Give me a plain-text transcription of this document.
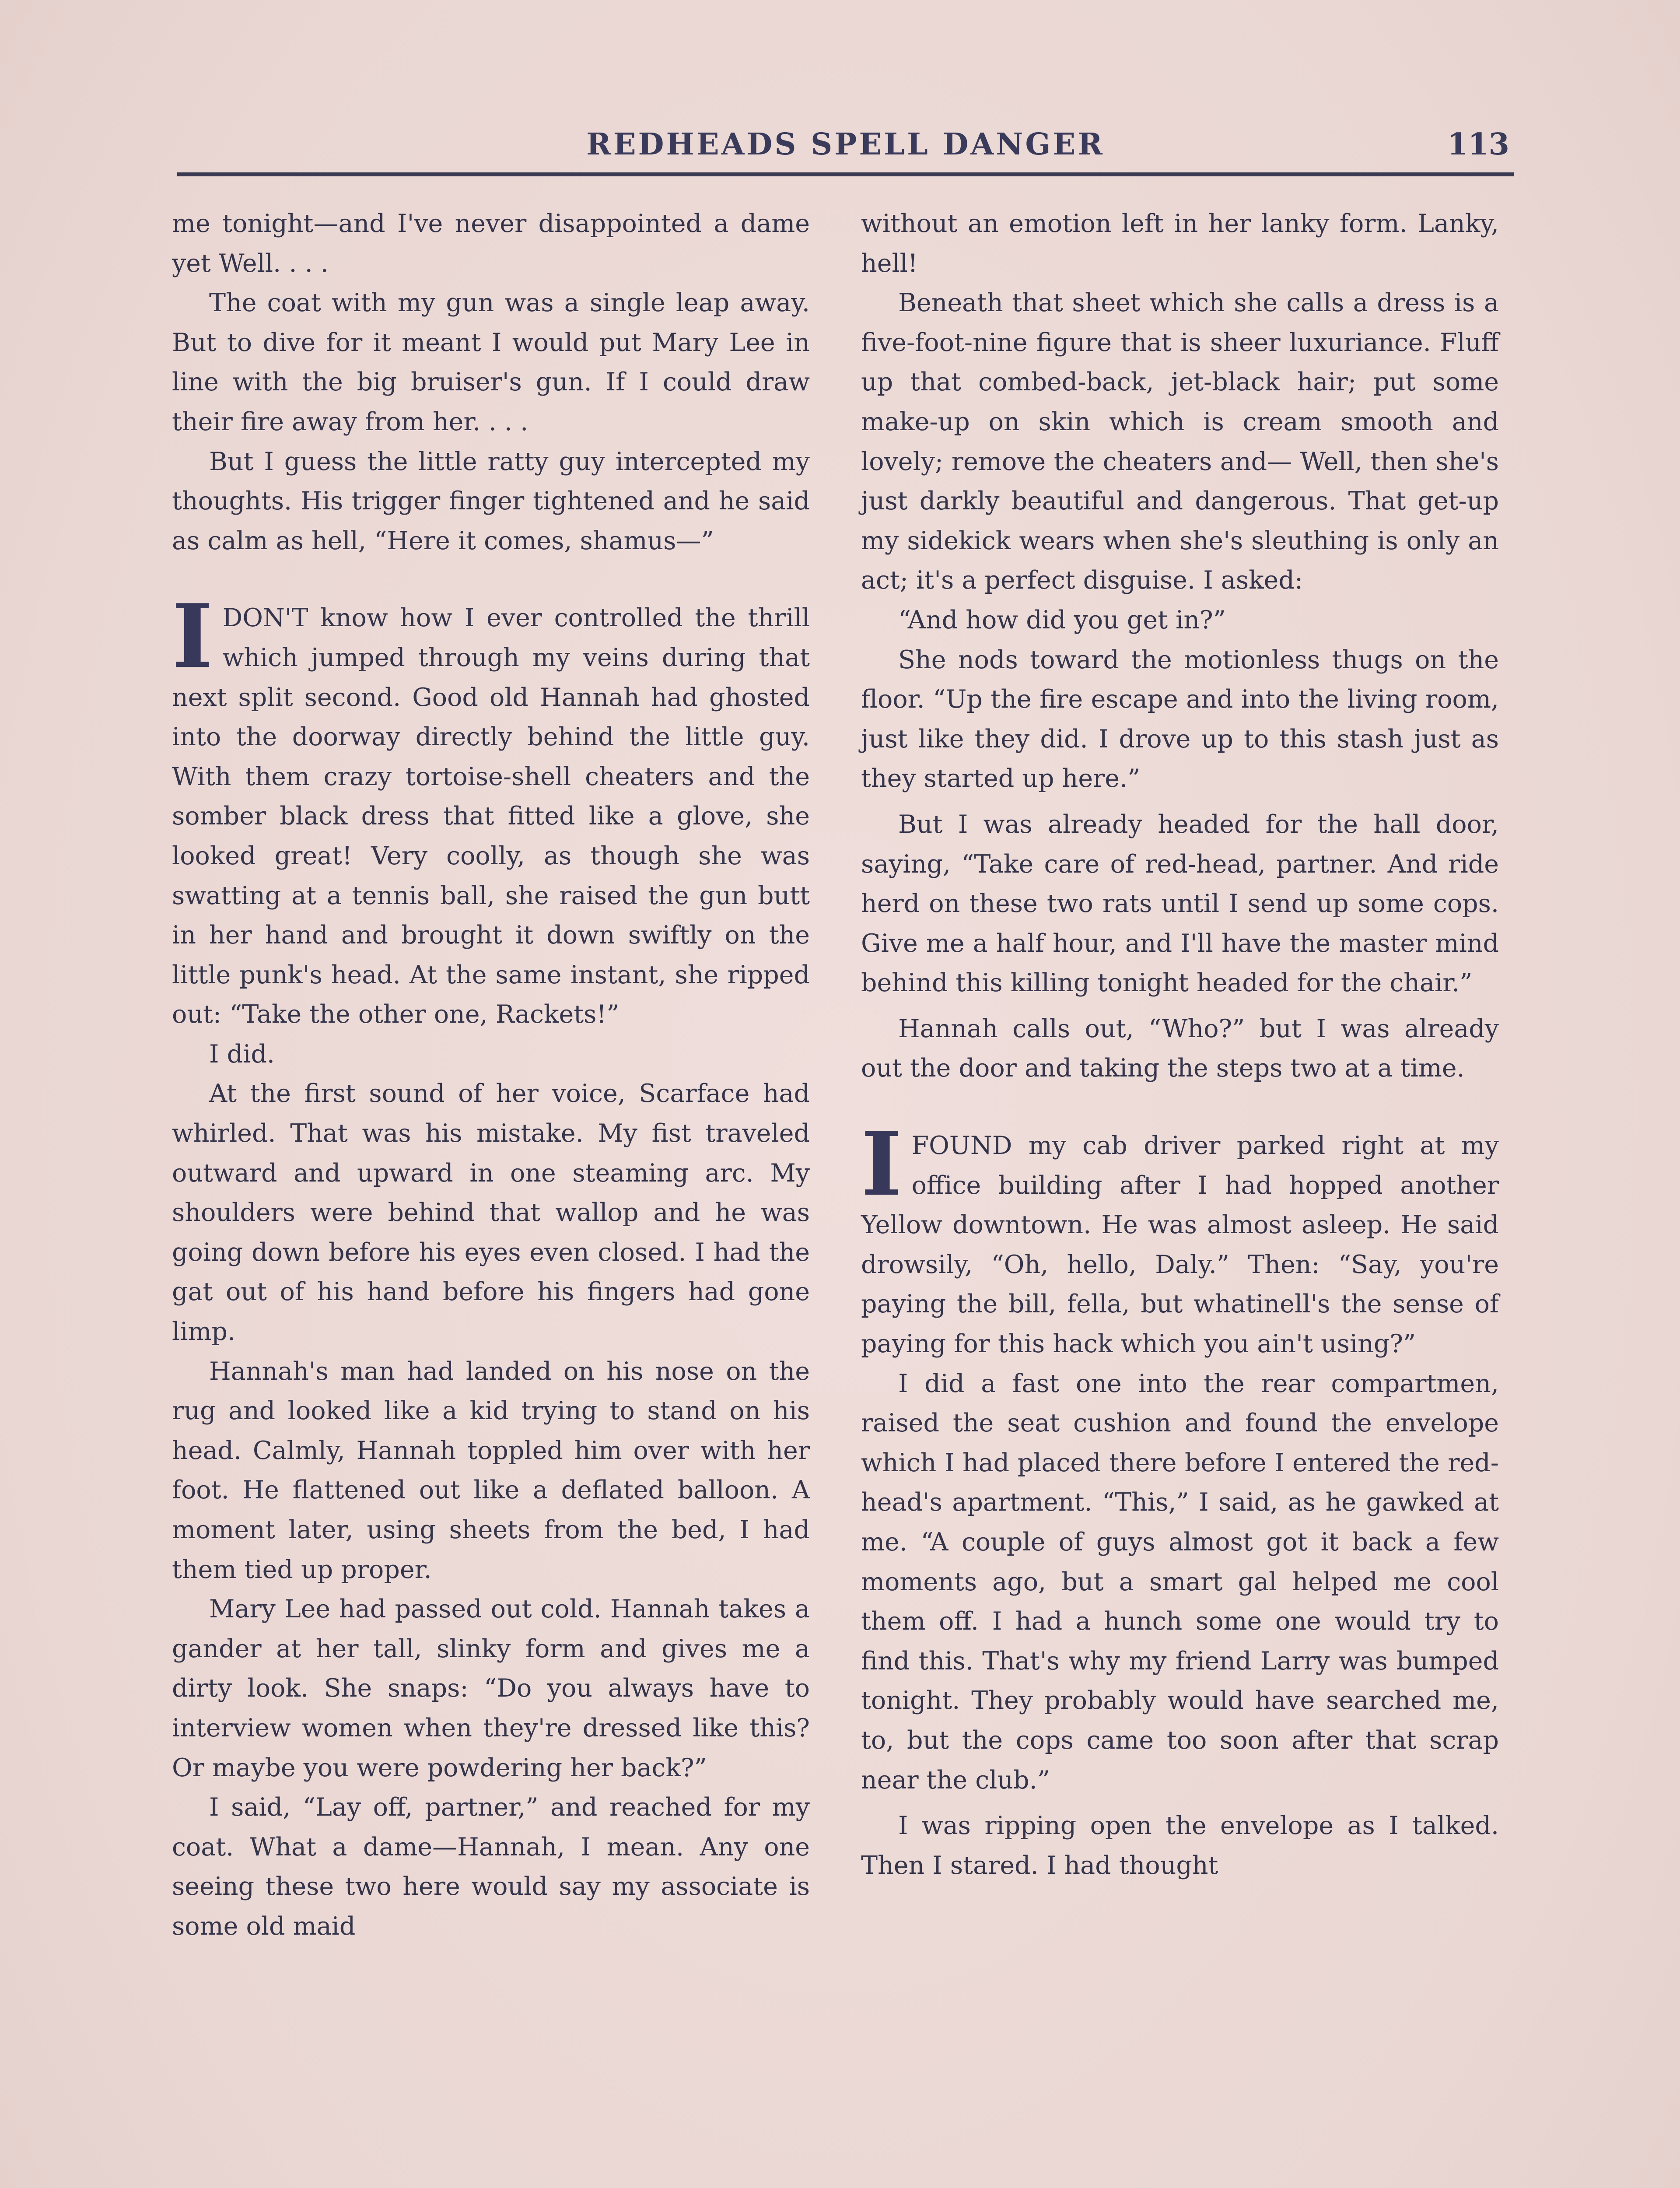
REDHEADS SPELL DANGER	113

me tonight—and I've never disappointed a dame yet Well. . . .

The coat with my gun was a single leap away. But to dive for it meant I would put Mary Lee in line with the big bruiser's gun. If I could draw their fire away from her. . . .

But I guess the little ratty guy intercepted my thoughts. His trigger finger tightened and he said as calm as hell, “Here it comes, shamus—”

IDON'T know how I ever controlled the thrill which jumped through my veins during that next split second. Good old Hannah had ghosted into the doorway directly behind the little guy. With them crazy tortoise-shell cheaters and the somber black dress that fitted like a glove, she looked great! Very coolly, as though she was swatting at a tennis ball, she raised the gun butt in her hand and brought it down swiftly on the little punk's head. At the same instant, she ripped out: “Take the other one, Rackets!”

I did.

At the first sound of her voice, Scarface had whirled. That was his mistake. My fist traveled outward and upward in one steaming arc. My shoulders were behind that wallop and he was going down before his eyes even closed. I had the gat out of his hand before his fingers had gone limp.

Hannah's man had landed on his nose on the rug and looked like a kid trying to stand on his head. Calmly, Hannah toppled him over with her foot. He flattened out like a deflated balloon. A moment later, using sheets from the bed, I had them tied up proper.

Mary Lee had passed out cold. Hannah takes a gander at her tall, slinky form and gives me a dirty look. She snaps: “Do you always have to interview women when they're dressed like this? Or maybe you were powdering her back?”

I said, “Lay off, partner,” and reached for my coat. What a dame—Hannah, I mean. Any one seeing these two here would say my associate is some old maid

without an emotion left in her lanky form. Lanky, hell!

Beneath that sheet which she calls a dress is a five-foot-nine figure that is sheer luxuriance. Fluff up that combed-back, jet-black hair; put some make-up on skin which is cream smooth and lovely; remove the cheaters and— Well, then she's just darkly beautiful and dangerous. That get-up my sidekick wears when she's sleuthing is only an act; it's a perfect disguise. I asked:

“And how did you get in?”

She nods toward the motionless thugs on the floor. “Up the fire escape and into the living room, just like they did. I drove up to this stash just as they started up here.”

But I was already headed for the hall door, saying, “Take care of red-head, partner. And ride herd on these two rats until I send up some cops. Give me a half hour, and I'll have the master mind behind this killing tonight headed for the chair.”

Hannah calls out, “Who?” but I was already out the door and taking the steps two at a time.

IFOUND my cab driver parked right at my office building after I had hopped another Yellow downtown. He was almost asleep. He said drowsily, “Oh, hello, Daly.” Then: “Say, you're paying the bill, fella, but whatinell's the sense of paying for this hack which you ain't using?”

I did a fast one into the rear compartmen, raised the seat cushion and found the envelope which I had placed there before I entered the red-head's apartment. “This,” I said, as he gawked at me. “A couple of guys almost got it back a few moments ago, but a smart gal helped me cool them off. I had a hunch some one would try to find this. That's why my friend Larry was bumped tonight. They probably would have searched me, to, but the cops came too soon after that scrap near the club.”

I was ripping open the envelope as I talked. Then I stared. I had thought
